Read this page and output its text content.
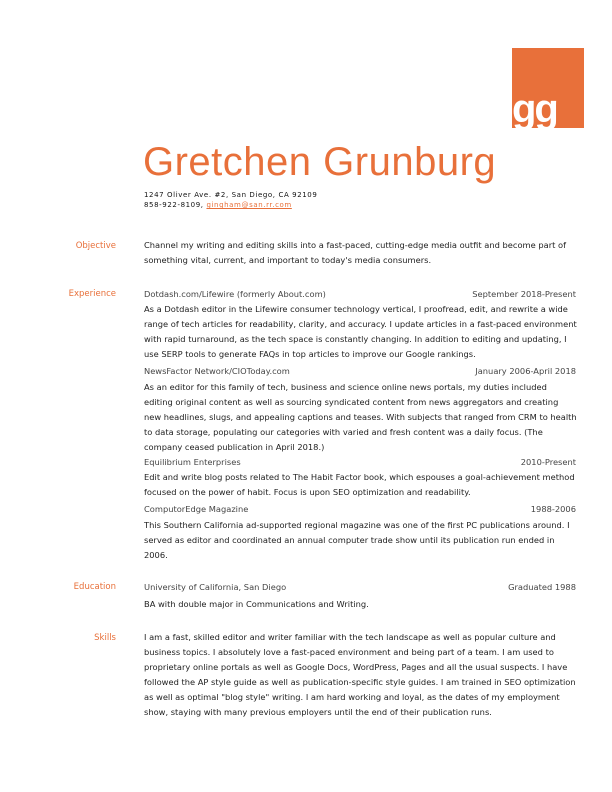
gg
Gretchen Grunburg
1247 Oliver Ave. #2, San Diego, CA 92109
858-922-8109, gingham@san.rr.com
Objective	Channel my writing and editing skills into a fast-paced, cutting-edge media outfit and become part of something vital, current, and important to today's media consumers.
Experience	Dotdash.com/Lifewire (formerly About.com)	September 2018-Present
As a Dotdash editor in the Lifewire consumer technology vertical, I proofread, edit, and rewrite a wide range of tech articles for readability, clarity, and accuracy. I update articles in a fast-paced environment with rapid turnaround, as the tech space is constantly changing. In addition to editing and updating, I use SERP tools to generate FAQs in top articles to improve our Google rankings.
NewsFactor Network/CIOToday.com	January 2006-April 2018
As an editor for this family of tech, business and science online news portals, my duties included editing original content as well as sourcing syndicated content from news aggregators and creating new headlines, slugs, and appealing captions and teases. With subjects that ranged from CRM to health to data storage, populating our categories with varied and fresh content was a daily focus. (The company ceased publication in April 2018.)
Equilibrium Enterprises	2010-Present
Edit and write blog posts related to The Habit Factor book, which espouses a goal-achievement method focused on the power of habit. Focus is upon SEO optimization and readability.
ComputorEdge Magazine	1988-2006
This Southern California ad-supported regional magazine was one of the first PC publications around. I served as editor and coordinated an annual computer trade show until its publication run ended in 2006.
Education	University of California, San Diego	Graduated 1988
BA with double major in Communications and Writing.
Skills	I am a fast, skilled editor and writer familiar with the tech landscape as well as popular culture and business topics. I absolutely love a fast-paced environment and being part of a team. I am used to proprietary online portals as well as Google Docs, WordPress, Pages and all the usual suspects. I have followed the AP style guide as well as publication-specific style guides. I am trained in SEO optimization as well as optimal "blog style" writing. I am hard working and loyal, as the dates of my employment show, staying with many previous employers until the end of their publication runs.
